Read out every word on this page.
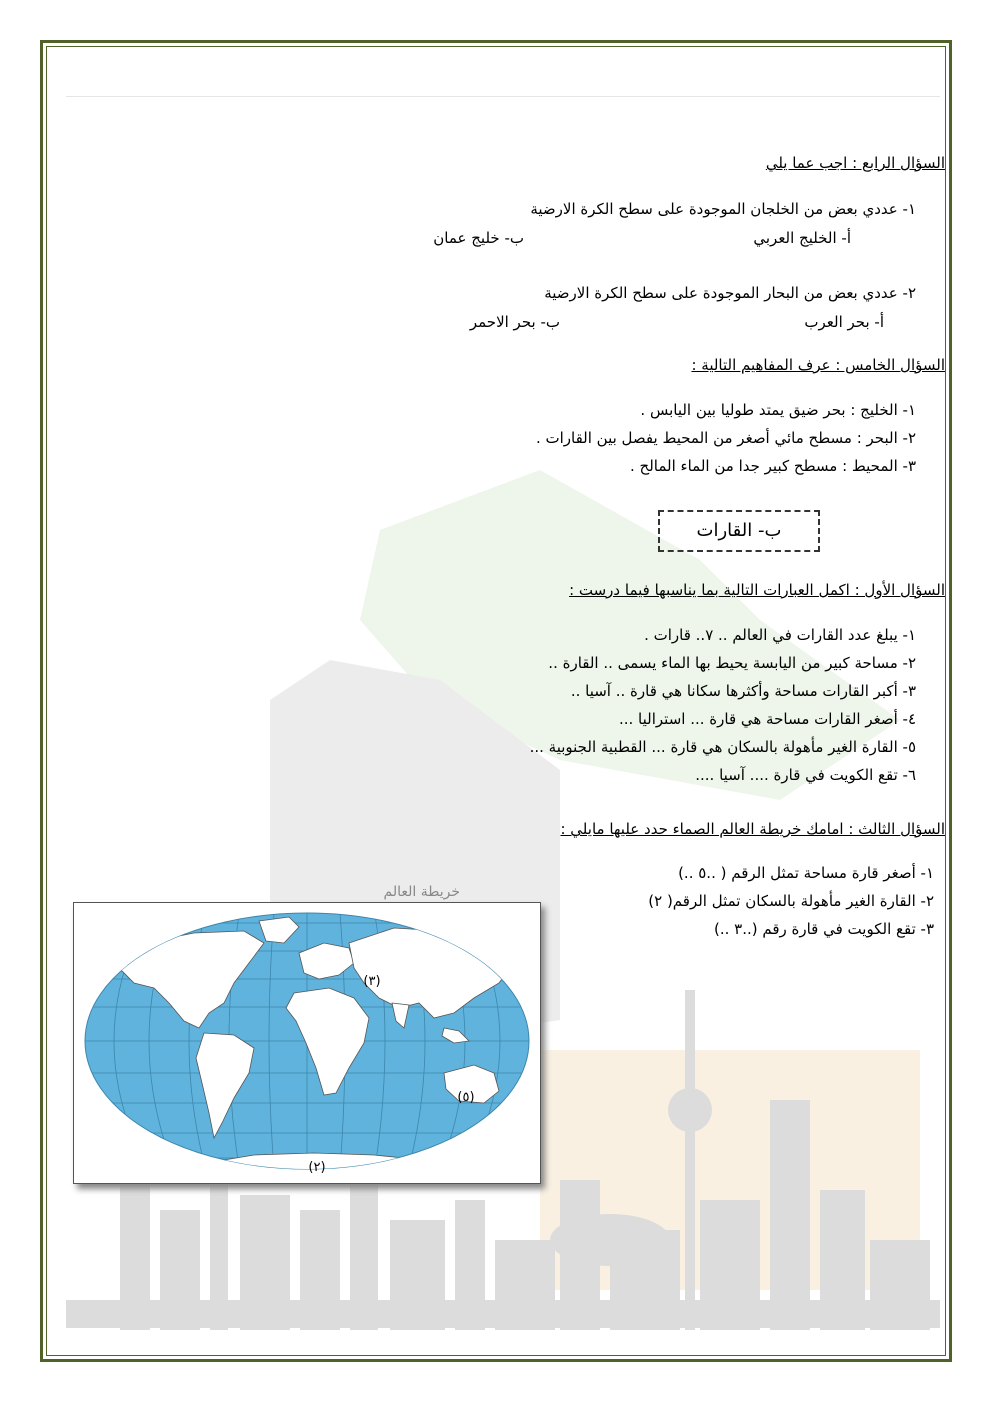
السؤال الرابع : اجب عما يلي
١- عددي بعض من الخلجان الموجودة على سطح الكرة الارضية
أ- الخليج العربي
ب- خليج عمان
٢- عددي بعض من البحار الموجودة على سطح الكرة الارضية
أ- بحر العرب
ب- بحر الاحمر
السؤال الخامس : عرف المفاهيم التالية :
١- الخليج : بحر ضيق يمتد طوليا بين اليابس .
٢- البحر : مسطح مائي أصغر من المحيط يفصل بين القارات .
٣- المحيط : مسطح كبير جدا من الماء المالح .
ب- القارات
السؤال الأول : اكمل العبارات التالية بما يناسبها فيما درست :
١- يبلغ عدد القارات في العالم .. ٧.. قارات .
٢- مساحة كبير من اليابسة يحيط بها الماء يسمى .. القارة ..
٣- أكبر القارات مساحة وأكثرها سكانا هي قارة .. آسيا ..
٤- أصغر القارات مساحة هي قارة ... استراليا ...
٥- القارة الغير مأهولة بالسكان هي قارة ... القطبية الجنوبية ...
٦- تقع الكويت في قارة .... آسيا ....
السؤال الثالث : امامك خريطة العالم الصماء حدد عليها مايلي :
١- أصغر قارة مساحة تمثل الرقم ( ..٥ ..)
٢- القارة الغير مأهولة بالسكان تمثل الرقم( ٢)
٣- تقع الكويت في قارة رقم (..٣ ..)
خريطة العالم
(٣)
(٥)
(٢)
